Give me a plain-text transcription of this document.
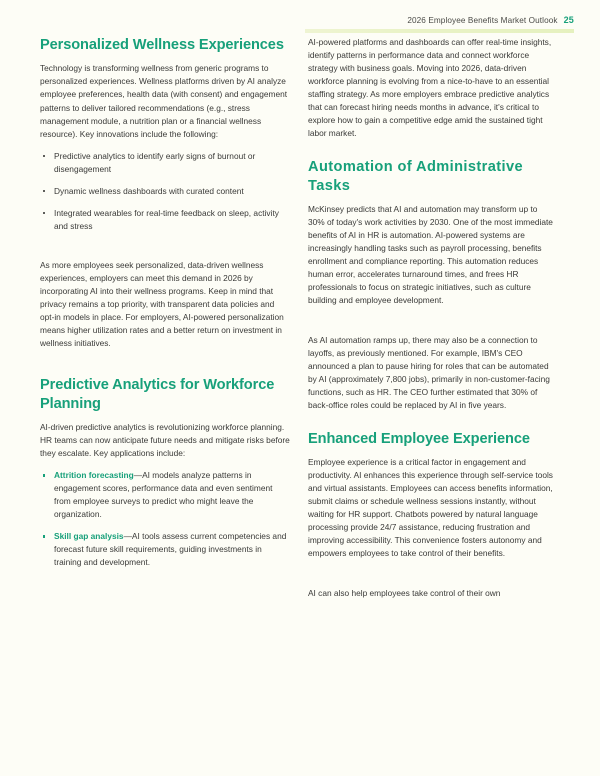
2026 Employee Benefits Market Outlook 25
Personalized Wellness Experiences

Technology is transforming wellness from generic programs to personalized experiences. Wellness platforms driven by AI analyze employee preferences, health data (with consent) and engagement patterns to deliver tailored recommendations (e.g., stress management module, a nutrition plan or a financial wellness resource). Key innovations include the following:

Predictive analytics to identify early signs of burnout or disengagement
Dynamic wellness dashboards with curated content
Integrated wearables for real-time feedback on sleep, activity and stress

As more employees seek personalized, data-driven wellness experiences, employers can meet this demand in 2026 by incorporating AI into their wellness programs. Keep in mind that privacy remains a top priority, with transparent data policies and opt-in models in place. For employers, AI-powered personalization means higher utilization rates and a better return on investment in wellness initiatives.

Predictive Analytics for Workforce Planning

AI-driven predictive analytics is revolutionizing workforce planning. HR teams can now anticipate future needs and mitigate risks before they escalate. Key applications include:

Attrition forecasting—AI models analyze patterns in engagement scores, performance data and even sentiment from employee surveys to predict who might leave the organization.
Skill gap analysis—AI tools assess current competencies and forecast future skill requirements, guiding investments in training and development.

AI-powered platforms and dashboards can offer real-time insights, identify patterns in performance data and connect workforce strategy with business goals. Moving into 2026, data-driven workforce planning is evolving from a nice-to-have to an essential staffing strategy. As more employers embrace predictive analytics that can forecast hiring needs months in advance, it's critical to explore how to gain a competitive edge amid the sustained tight labor market.

Automation of Administrative Tasks

McKinsey predicts that AI and automation may transform up to 30% of today's work activities by 2030. One of the most immediate benefits of AI in HR is automation. AI-powered systems are increasingly handling tasks such as payroll processing, benefits enrollment and compliance reporting. This automation reduces human error, accelerates turnaround times, and frees HR professionals to focus on strategic initiatives, such as culture building and employee development.

As AI automation ramps up, there may also be a connection to layoffs, as previously mentioned. For example, IBM's CEO announced a plan to pause hiring for roles that can be automated by AI (approximately 7,800 jobs), primarily in non-customer-facing functions, such as HR. The CEO further estimated that 30% of back-office roles could be replaced by AI in five years.

Enhanced Employee Experience

Employee experience is a critical factor in engagement and productivity. AI enhances this experience through self-service tools and virtual assistants. Employees can access benefits information, submit claims or schedule wellness sessions instantly, without waiting for HR support. Chatbots powered by natural language processing provide 24/7 assistance, reducing frustration and improving accessibility. This convenience fosters autonomy and empowers employees to take control of their benefits.

AI can also help employees take control of their own
